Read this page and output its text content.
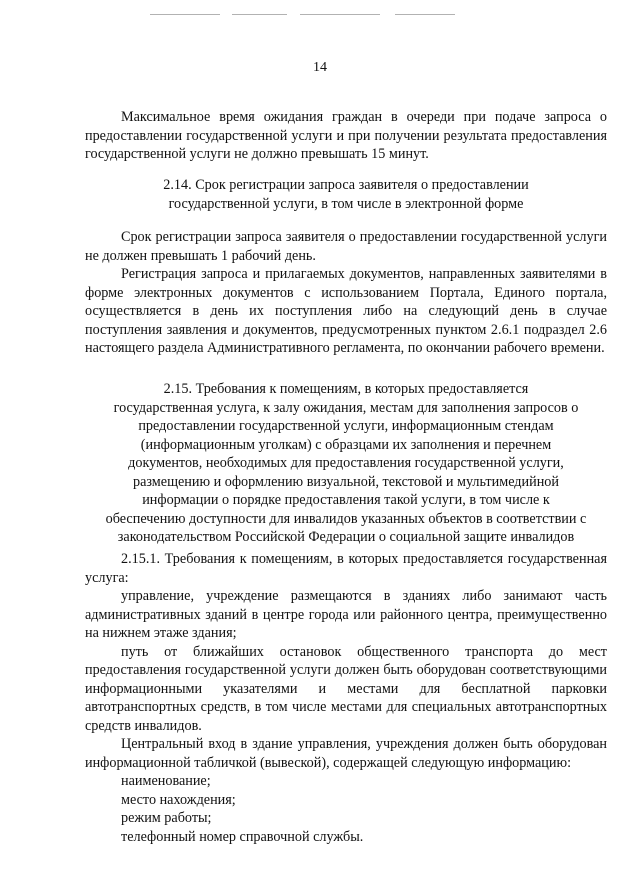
14

Максимальное время ожидания граждан в очереди при подаче запроса о предоставлении государственной услуги и при получении результата предоставления государственной услуги не должно превышать 15 минут.

2.14. Срок регистрации запроса заявителя о предоставлении

государственной услуги, в том числе в электронной форме

Срок регистрации запроса заявителя о предоставлении государственной услуги не должен превышать 1 рабочий день.

Регистрация запроса и прилагаемых документов, направленных заявителями в форме электронных документов с использованием Портала, Единого портала, осуществляется в день их поступления либо на следующий день в случае поступления заявления и документов, предусмотренных пунктом 2.6.1 подраздел 2.6 настоящего раздела Административного регламента, по окончании рабочего времени.

2.15. Требования к помещениям, в которых предоставляется

государственная услуга, к залу ожидания, местам для заполнения запросов о

предоставлении государственной услуги, информационным стендам

(информационным уголкам) с образцами их заполнения и перечнем

документов, необходимых для предоставления государственной услуги,

размещению и оформлению визуальной, текстовой и мультимедийной

информации о порядке предоставления такой услуги, в том числе к

обеспечению доступности для инвалидов указанных объектов в соответствии с

законодательством Российской Федерации о социальной защите инвалидов

2.15.1. Требования к помещениям, в которых предоставляется государственная услуга:

управление, учреждение размещаются в зданиях либо занимают часть административных зданий в центре города или районного центра, преимущественно на нижнем этаже здания;

путь от ближайших остановок общественного транспорта до мест предоставления государственной услуги должен быть оборудован соответствующими информационными указателями и местами для бесплатной парковки автотранспортных средств, в том числе местами для специальных автотранспортных средств инвалидов.

Центральный вход в здание управления, учреждения должен быть оборудован информационной табличкой (вывеской), содержащей следующую информацию:

наименование;

место нахождения;

режим работы;

телефонный номер справочной службы.
